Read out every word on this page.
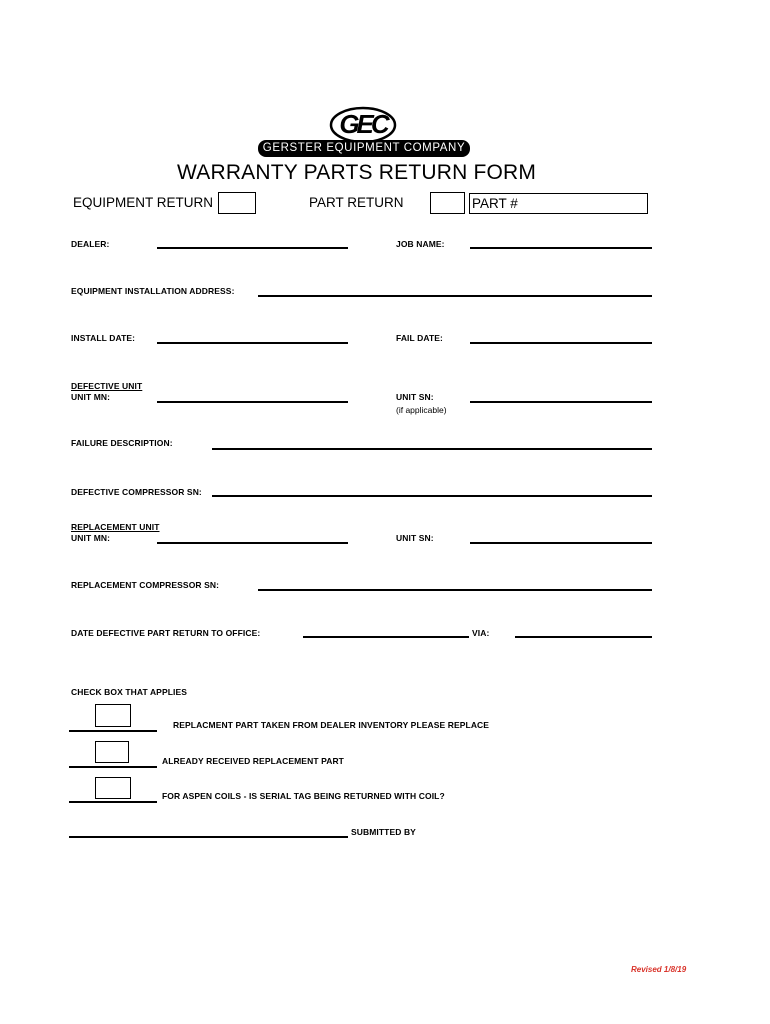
GEC
GERSTER EQUIPMENT COMPANY
WARRANTY PARTS RETURN FORM
EQUIPMENT RETURN	PART RETURN	PART #
DEALER:	JOB NAME:
EQUIPMENT INSTALLATION ADDRESS:
INSTALL DATE:	FAIL DATE:
DEFECTIVE UNIT
UNIT MN:	UNIT SN:
(if applicable)
FAILURE DESCRIPTION:
DEFECTIVE COMPRESSOR SN:
REPLACEMENT UNIT
UNIT MN:	UNIT SN:
REPLACEMENT COMPRESSOR SN:
DATE DEFECTIVE PART RETURN TO OFFICE:	VIA:
CHECK BOX THAT APPLIES
REPLACMENT PART TAKEN FROM DEALER INVENTORY PLEASE REPLACE
ALREADY RECEIVED REPLACEMENT PART
FOR ASPEN COILS - IS SERIAL TAG BEING RETURNED WITH COIL?
SUBMITTED BY
Revised 1/8/19
